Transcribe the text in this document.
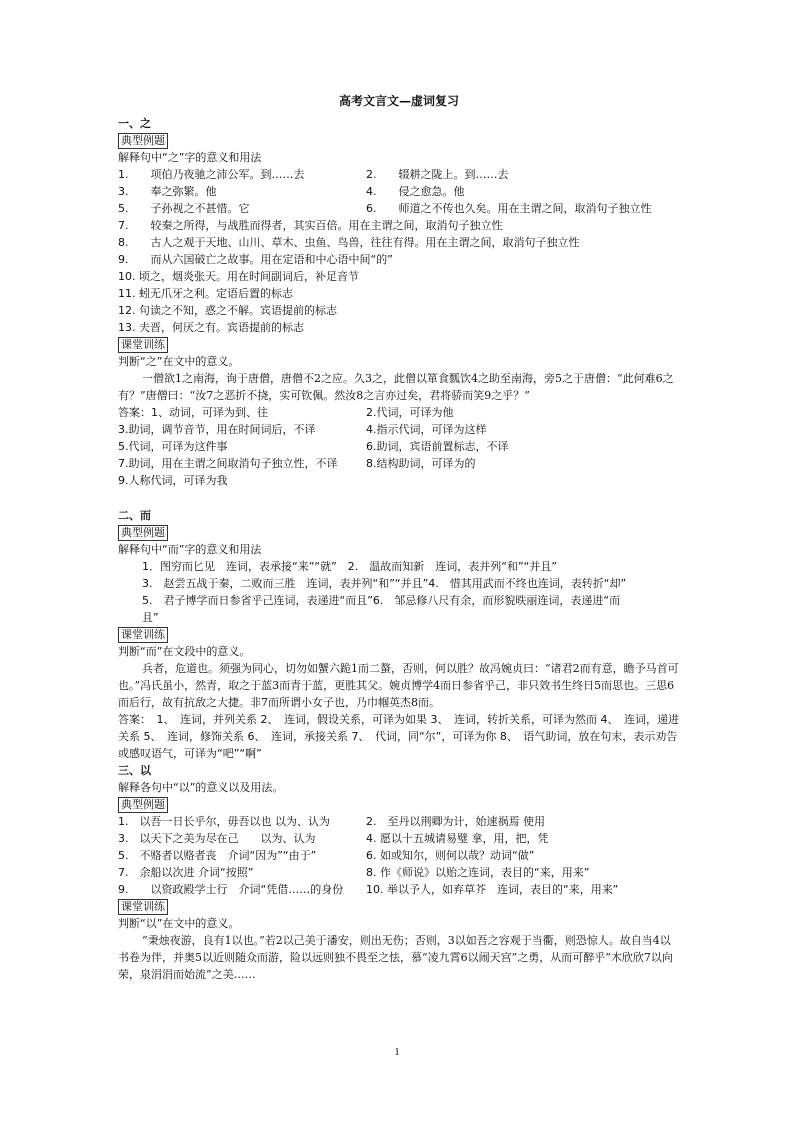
高考文言文—虚词复习
一、之
典型例题
解释句中“之”字的意义和用法
1.　　项伯乃夜驰之沛公军。到……去	2.　　辍耕之陇上。到……去
3.　　奉之弥繁。他	4.　　侵之愈急。他
5.　　子孙视之不甚惜。它	6.　　师道之不传也久矣。用在主谓之间，取消句子独立性
7.　　较秦之所得，与战胜而得者，其实百倍。用在主谓之间，取消句子独立性
8.　　古人之观于天地、山川、草木、虫鱼、鸟兽，往往有得。用在主谓之间，取消句子独立性
9.　　而从六国破亡之故事。用在定语和中心语中间“的”
10. 顷之，烟炎张天。用在时间副词后，补足音节
11. 蚓无爪牙之利。定语后置的标志
12. 句读之不知，惑之不解。宾语提前的标志
13. 夫晋，何厌之有。宾语提前的标志
课堂训练
判断“之”在文中的意义。
一僧欲1之南海，询于唐僧，唐僧不2之应。久3之，此僧以箪食瓢饮4之助至南海，旁5之于唐僧：“此何难6之有？”唐僧曰：“汝7之恶折不挠，实可钦佩。然汝8之言亦过矣，君将骄而笑9之乎？”
答案：1、动词，可译为到、往	2.代词，可译为他
3.助词，调节音节，用在时间词后，不译	4.指示代词，可译为这样
5.代词，可译为这件事	6.助词，宾语前置标志，不译
7.助词，用在主谓之间取消句子独立性，不译	8.结构助词，可译为的
9.人称代词，可译为我
二、而
典型例题
解释句中“而”字的意义和用法
1．图穷而匕见　连词，表承接“来”“就”　2.　温故而知新　连词，表并列“和”“并且”
3.　赵尝五战于秦，二败而三胜　连词，表并列“和”“并且”4.　惜其用武而不终也连词，表转折“却”
5.　君子博学而日参省乎己连词，表递进“而且”6.　邹忌修八尺有余，而形貌昳丽连词，表递进“而
且”
课堂训练
判断“而”在文段中的意义。
兵者，危道也。须强为同心，切勿如蟹六跪1而二螯，否则，何以胜？故冯婉贞曰：“诸君2而有意，瞻予马首可也。”冯氏虽小，然青，取之于蓝3而青于蓝，更胜其父。婉贞博学4而日参省乎己，非只效书生终日5而思也。三思6而后行，故有抗敌之大捷。非7而所谓小女子也，乃巾帼英杰8而。
答案：　1、　连词，并列关系 2、　连词，假设关系，可译为如果 3、　连词，转折关系，可译为然而 4、　连词，递进关系 5、　连词，修饰关系 6、　连词，承接关系 7、　代词，同“尔”，可译为你 8、　语气助词，放在句末，表示劝告或感叹语气，可译为“吧”“啊”
三、以
解释各句中“以”的意义以及用法。
典型例题
1.　以吾一日长乎尔，毋吾以也 以为、认为	2.　至丹以荆卿为计，始速祸焉 使用
3.　以天下之美为尽在己　　以为、认为	4. 愿以十五城请易璧 拿，用，把，凭
5.　不赂者以赂者丧　介词“因为”“由于”	6. 如或知尔，则何以哉？动词“做”
7.　余船以次进 介词“按照”	8. 作《师说》以贻之连词，表目的“来，用来”
9.　　以资政殿学士行　介词“凭借……的身份	10. 举以予人，如弃草芥　连词，表目的“来，用来”
课堂训练
判断“以”在文中的意义。
“秉烛夜游，良有1以也。”若2以己美于潘安，则出无伤；否则，3以如吾之容观于当衢，则恐惊人。故自当4以书卷为伴，并奥5以近则随众而游，险以远则独不畏至之怯，慕“凌九霄6以闹天宫”之勇，从而可醉乎“木欣欣7以向荣，泉涓涓而始流”之美……
1
